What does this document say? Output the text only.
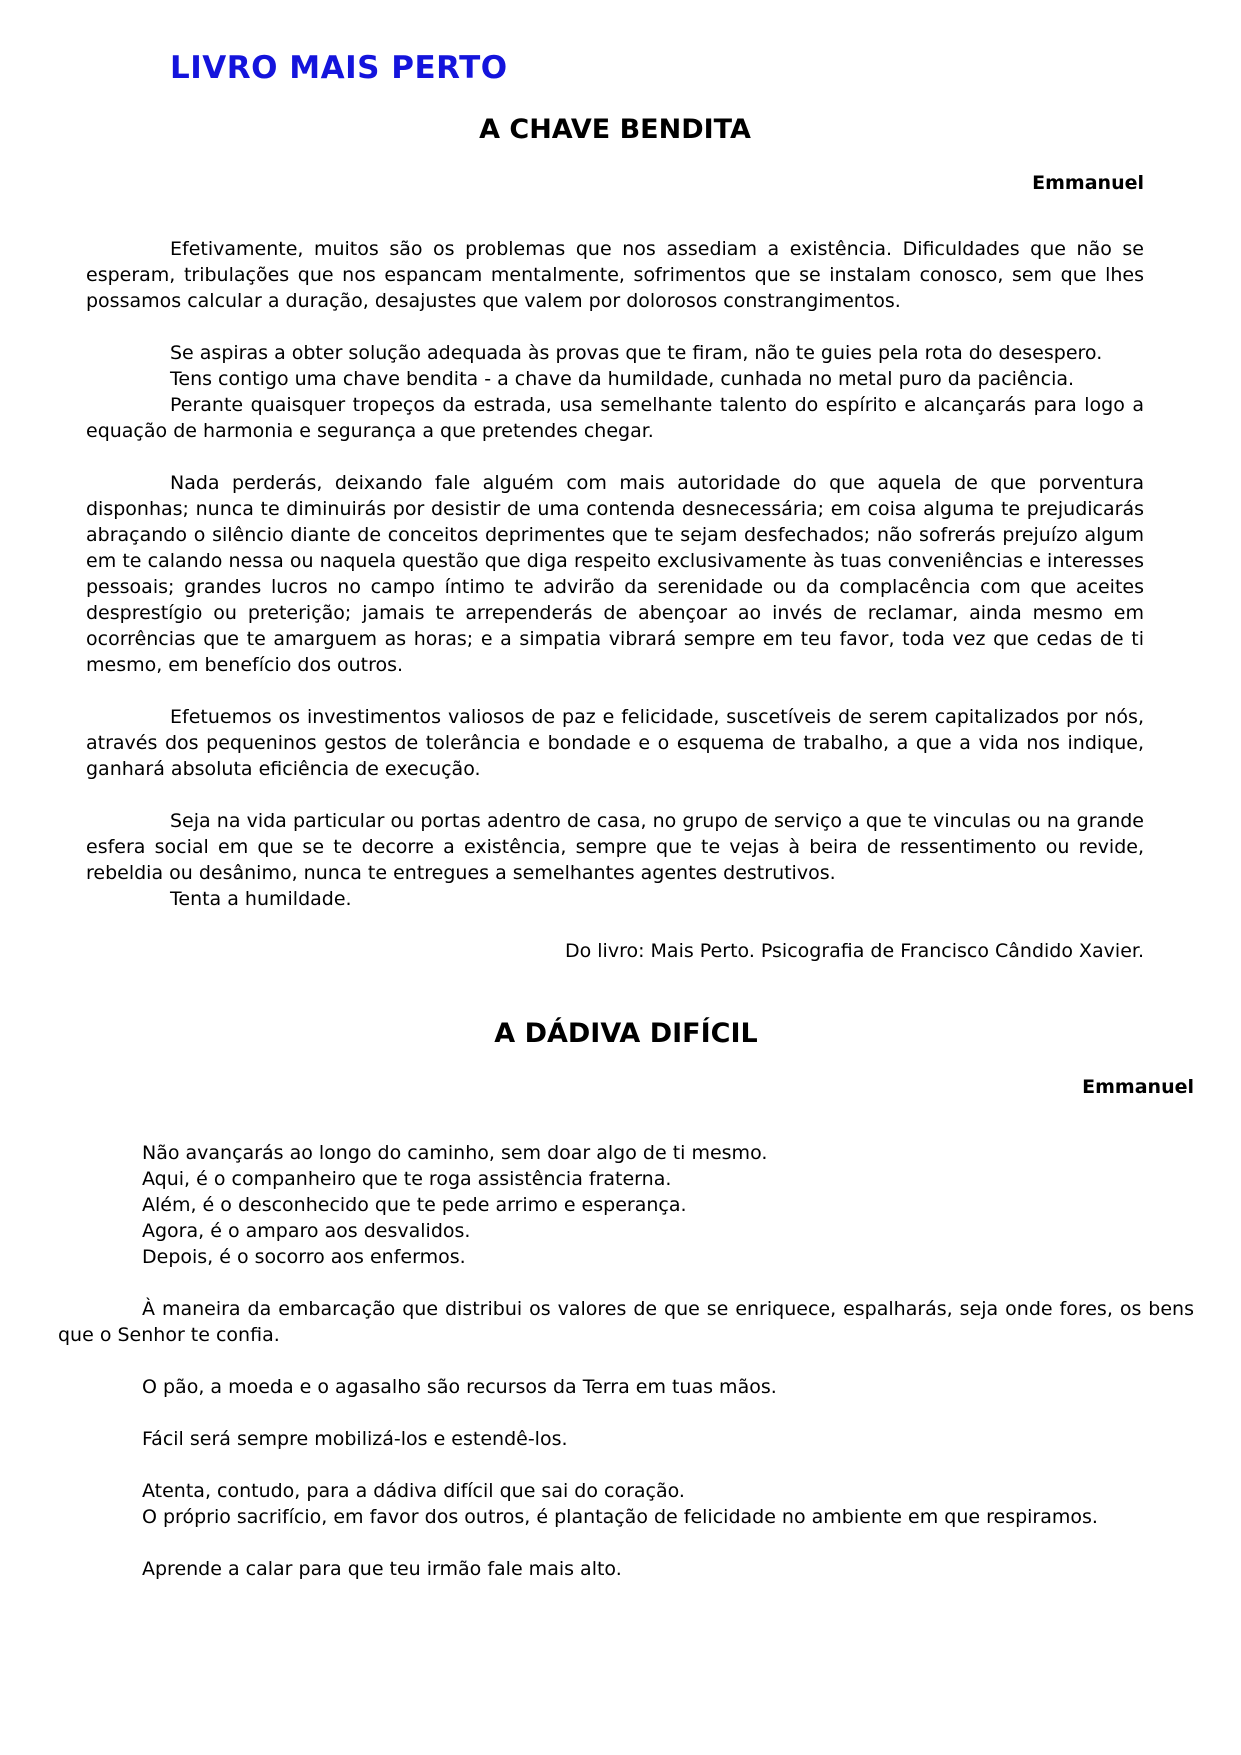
LIVRO MAIS PERTO
A CHAVE BENDITA
Emmanuel

Efetivamente, muitos são os problemas que nos assediam a existência. Dificuldades que não se esperam, tribulações que nos espancam mentalmente, sofrimentos que se instalam conosco, sem que lhes possamos calcular a duração, desajustes que valem por dolorosos constrangimentos.

Se aspiras a obter solução adequada às provas que te firam, não te guies pela rota do desespero.

Tens contigo uma chave bendita - a chave da humildade, cunhada no metal puro da paciência.

Perante quaisquer tropeços da estrada, usa semelhante talento do espírito e alcançarás para logo a equação de harmonia e segurança a que pretendes chegar.

Nada perderás, deixando fale alguém com mais autoridade do que aquela de que porventura disponhas; nunca te diminuirás por desistir de uma contenda desnecessária; em coisa alguma te prejudicarás abraçando o silêncio diante de conceitos deprimentes que te sejam desfechados; não sofrerás prejuízo algum em te calando nessa ou naquela questão que diga respeito exclusivamente às tuas conveniências e interesses pessoais; grandes lucros no campo íntimo te advirão da serenidade ou da complacência com que aceites desprestígio ou preterição; jamais te arrependerás de abençoar ao invés de reclamar, ainda mesmo em ocorrências que te amarguem as horas; e a simpatia vibrará sempre em teu favor, toda vez que cedas de ti mesmo, em benefício dos outros.

Efetuemos os investimentos valiosos de paz e felicidade, suscetíveis de serem capitalizados por nós, através dos pequeninos gestos de tolerância e bondade e o esquema de trabalho, a que a vida nos indique, ganhará absoluta eficiência de execução.

Seja na vida particular ou portas adentro de casa, no grupo de serviço a que te vinculas ou na grande esfera social em que se te decorre a existência, sempre que te vejas à beira de ressentimento ou revide, rebeldia ou desânimo, nunca te entregues a semelhantes agentes destrutivos.

Tenta a humildade.

Do livro: Mais Perto. Psicografia de Francisco Cândido Xavier.
A DÁDIVA DIFÍCIL
Emmanuel

Não avançarás ao longo do caminho, sem doar algo de ti mesmo.

Aqui, é o companheiro que te roga assistência fraterna.

Além, é o desconhecido que te pede arrimo e esperança.

Agora, é o amparo aos desvalidos.

Depois, é o socorro aos enfermos.

À maneira da embarcação que distribui os valores de que se enriquece, espalharás, seja onde fores, os bens que o Senhor te confia.

O pão, a moeda e o agasalho são recursos da Terra em tuas mãos.

Fácil será sempre mobilizá-los e estendê-los.

Atenta, contudo, para a dádiva difícil que sai do coração.

O próprio sacrifício, em favor dos outros, é plantação de felicidade no ambiente em que respiramos.

Aprende a calar para que teu irmão fale mais alto.
